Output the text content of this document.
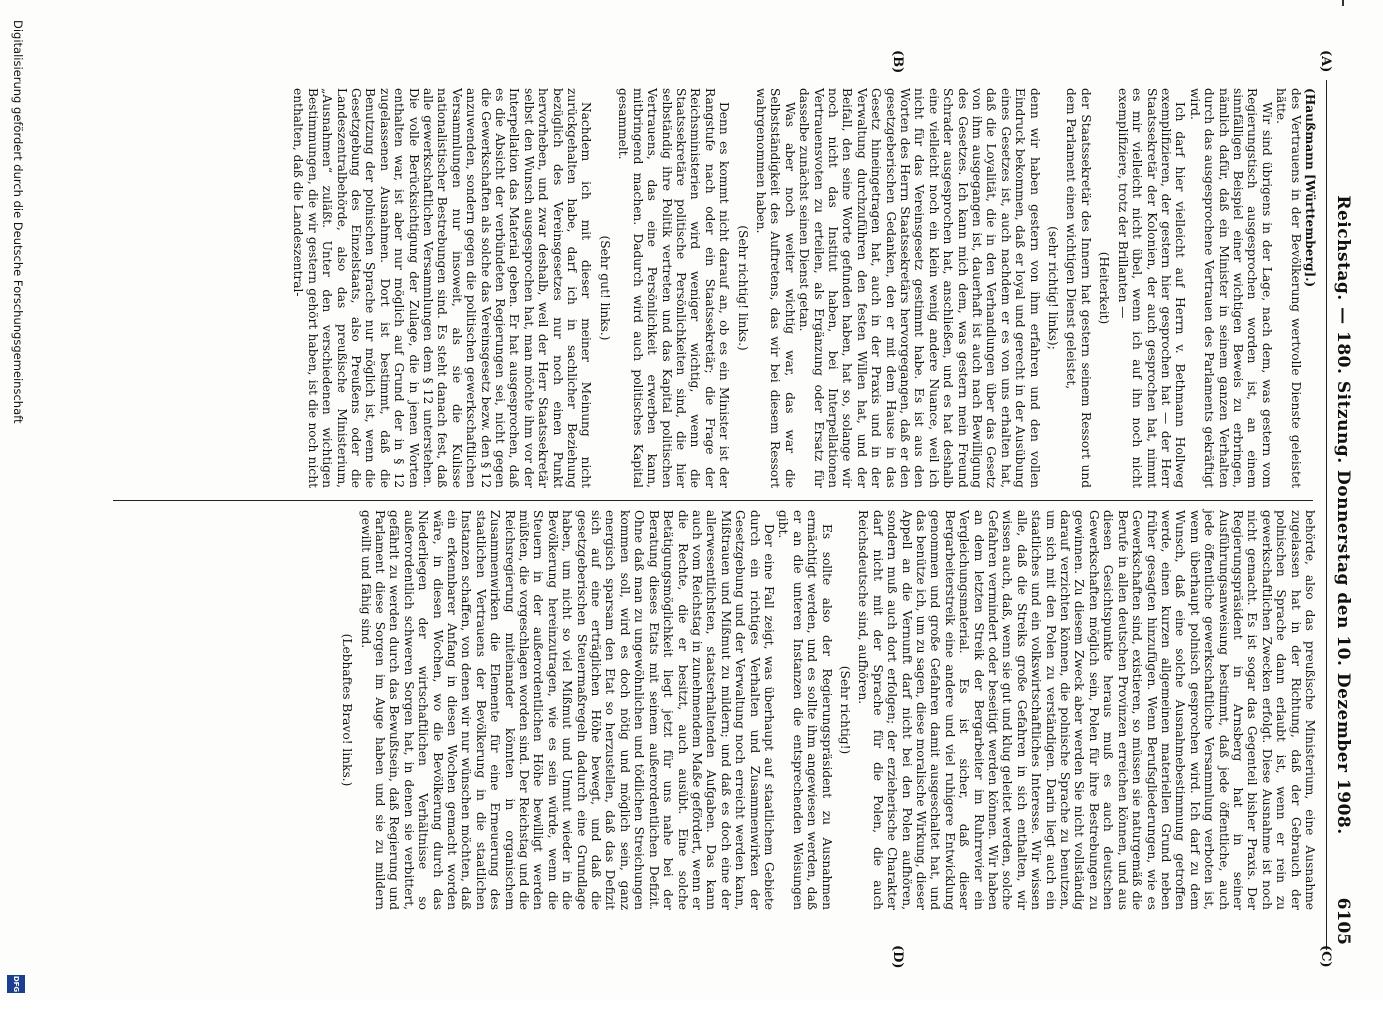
Reichstag. — 180. Sitzung. Donnerstag den 10. Dezember 1908.
6105
(A)
(B)
(C)
(D)

(Haußmann [Württemberg].)

des Vertrauens in der Bevölkerung wertvolle Dienste geleistet hätte.

Wir sind übrigens in der Lage, nach dem, was gestern vom Regierungstisch ausgesprochen worden ist, an einem sinnfälligen Beispiel einer wichtigen Beweis zu erbringen, nämlich dafür, daß ein Minister in seinem ganzen Verhalten durch das ausgesprochene Vertrauen des Parlaments gekräftigt wird.

Ich darf hier vielleicht auf Herrn v. Bethmann Hollweg exemplifizieren, der gestern hier gesprochen hat — der Herr Staatssekretär der Kolonien, der auch gesprochen hat, nimmt es mir vielleicht nicht übel, wenn ich auf ihn noch nicht exemplifiziere, trotz der Brillanten —

(Heiterkeit)

der Staatssekretär des Innern hat gestern seinem Ressort und dem Parlament einen wichtigen Dienst geleistet,

(sehr richtig! links);

denn wir haben gestern von ihm erfahren und den vollen Eindruck bekommen, daß er loyal und gerecht in der Ausübung eines Gesetzes ist, auch nachdem er es von uns erhalten hat, daß die Loyalität, die in den Verhandlungen über das Gesetz von ihm ausgegangen ist, dauerhaft ist auch nach Bewilligung des Gesetzes. Ich kann mich dem, was gestern mein Freund Schrader ausgesprochen hat, anschließen, und es hat deshalb eine vielleicht noch ein klein wenig andere Nuance, weil ich nicht für das Vereinsgesetz gestimmt habe. Es ist aus den Worten des Herrn Staatssekretärs hervorgegangen, daß er den gesetzgeberischen Gedanken, den er mit dem Hause in das Gesetz hineingetragen hat, auch in der Praxis und in der Verwaltung durchzuführen den festen Willen hat, und der Beifall, den seine Worte gefunden haben, hat so, solange wir noch nicht das Institut haben, bei Interpellationen Vertrauensvoten zu erteilen, als Ergänzung oder Ersatz für dasselbe zunächst seinen Dienst getan.

Was aber noch weiter wichtig war, das war die Selbstständigkeit des Auftretens, das wir bei diesem Ressort wahrgenommen haben.

(Sehr richtig! links.)

Denn es kommt nicht darauf an, ob es ein Minister ist der Rangstufe nach oder ein Staatssekretär; die Frage der Reichsministerien wird weniger wichtig, wenn die Staatssekretäre politische Persönlichkeiten sind, die hier selbständig ihre Politik vertreten und das Kapital politischen Vertrauens, das eine Persönlichkeit erwerben kann, mitbringend machen. Dadurch wird auch politisches Kapital gesammelt.

(Sehr gut! links.)

Nachdem ich mit dieser meiner Meinung nicht zurückgehalten habe, darf ich in sachlicher Beziehung bezüglich des Vereinsgesetzes nur noch einen Punkt hervorheben, und zwar deshalb, weil der Herr Staatssekretär selbst den Wunsch ausgesprochen hat, man möchte ihm vor der Interpellation das Material geben. Er hat ausgesprochen, daß es die Absicht der verbündeten Regierungen sei, nicht gegen die Gewerkschaften als solche das Vereinsgesetz bezw. den § 12 anzuwenden, sondern gegen die politischen gewerkschaftlichen Versammlungen nur insoweit, als sie die Kulisse nationalistischer Bestrebungen sind. Es steht danach fest, daß alle gewerkschaftlichen Versammlungen dem § 12 unterstehen. Die volle Berücksichtigung der Zulage, die in jenen Worten enthalten war, ist aber nur möglich auf Grund der in § 12 zugelassenen Ausnahmen. Dort ist bestimmt, daß die Benutzung der polnischen Sprache nur möglich ist, wenn die Gesetzgebung des Einzelstaats, also Preußens oder die Landeszentralbehörde, also das preußische Ministerium, „Ausnahmen“ zuläßt. Unter den verschiedenen wichtigen Bestimmungen, die wir gestern gehört haben, ist die noch nicht enthalten, daß die Landeszentral-

behörde, also das preußische Ministerium, eine Ausnahme zugelassen hat in der Richtung, daß der Gebrauch der polnischen Sprache dann erlaubt ist, wenn er rein zu gewerkschaftlichen Zwecken erfolgt. Diese Ausnahme ist noch nicht gemacht. Es ist sogar das Gegenteil bisher Praxis. Der Regierungspräsident in Arnsberg hat in seiner Ausführungsanweisung bestimmt, daß jede öffentliche, auch jede öffentliche gewerkschaftliche Versammlung verboten ist, wenn überhaupt polnisch gesprochen wird. Ich darf zu dem Wunsch, daß eine solche Ausnahmebestimmung getroffen werde, einen kurzen allgemeinen materiellen Grund neben früher gesagten hinzufügen. Wenn Berufsgliederungen, wie es Gewerkschaften sind, existieren, so müssen sie naturgemäß die Berufe in allen deutschen Provinzen erreichen können, und aus diesen Gesichtspunkte heraus muß es auch deutschen Gewerkschaften möglich sein, Polen für ihre Bestrebungen zu gewinnen. Zu diesem Zweck aber werden Sie nicht vollständig darauf verzichten können, die polnische Sprache zu benutzen, um sich mit den Polen zu verständigen. Darin liegt auch ein staatliches und ein volkswirtschaftliches Interesse. Wir wissen alle, daß die Streiks große Gefahren in sich enthalten, wir wissen auch, daß, wenn sie gut und klug geleitet werden, solche Gefahren vermindert oder beseitigt werden können. Wir haben an dem letzten Streik der Bergarbeiter im Ruhrrevier ein Vergleichungsmaterial. Es ist sicher, daß dieser Bergarbeiterstreik eine andere und viel ruhigere Entwicklung genommen und große Gefahren damit ausgeschaltet hat, und das benütze ich, um zu sagen, diese moralische Wirkung, dieser Appell an die Vernunft darf nicht bei den Polen aufhören, sondern muß auch dort erfolgen; der erzieherische Charakter darf nicht mit der Sprache für die Polen, die auch Reichsdeutsche sind, aufhören.

(Sehr richtig!)

Es sollte also der Regierungspräsident zu Ausnahmen ermächtigt werden, und es sollte ihm angewiesen werden, daß er an die unteren Instanzen die entsprechenden Weisungen gibt.

Der eine Fall zeigt, was überhaupt auf staatlichem Gebiete durch ein richtiges Verhalten und Zusammenwirken der Gesetzgebung und der Verwaltung noch erreicht werden kann, Mißtrauen und Mißmut zu mildern; und daß es doch eine der allerwesentlichsten, staatserhaltenden Aufgaben. Das kann auch vom Reichstag in zunehmendem Maße gefördert, wenn er die Rechte, die er besitzt, auch ausübt. Eine solche Betätigungsmöglichkeit liegt jetzt für uns nahe bei der Beratung dieses Etats mit seinem außerordentlichen Defizit. Ohne daß man zu ungewöhnlichen und tödlichen Streichungen kommen soll, wird es doch nötig und möglich sein, ganz energisch sparsam den Etat so herzustellen, daß das Defizit sich auf eine erträglichen Höhe bewegt, und daß die gesetzgeberischen Steuermaßregeln dadurch eine Grundlage haben, um nicht so viel Mißmut und Unmut wieder in die Bevölkerung hereinzutragen, wie es sein würde, wenn die Steuern in der außerordentlichen Höhe bewilligt werden müßten, die vorgeschlagen worden sind. Der Reichstag und die Reichsregierung miteinander könnten in organischem Zusammenwirken die Elemente für eine Erneuerung des staatlichen Vertrauens der Bevölkerung in die staatlichen Instanzen schaffen, von denen wir nur wünschen möchten, daß ein erkennbarer Anfang in diesen Wochen gemacht worden wäre, in diesen Wochen, wo die Bevölkerung durch das Niederliegen der wirtschaftlichen Verhältnisse so außerordentlich schweren Sorgen hat, in denen sie verbittert, gefährlt zu werden durch das Bewußtsein, daß Regierung und Parlament diese Sorgen im Auge haben und sie zu mildern gewillt und fähig sind.

(Lebhaftes Bravo! links.)

Digitalisierung gefördert durch die Deutsche Forschungsgemeinschaft
DFG
